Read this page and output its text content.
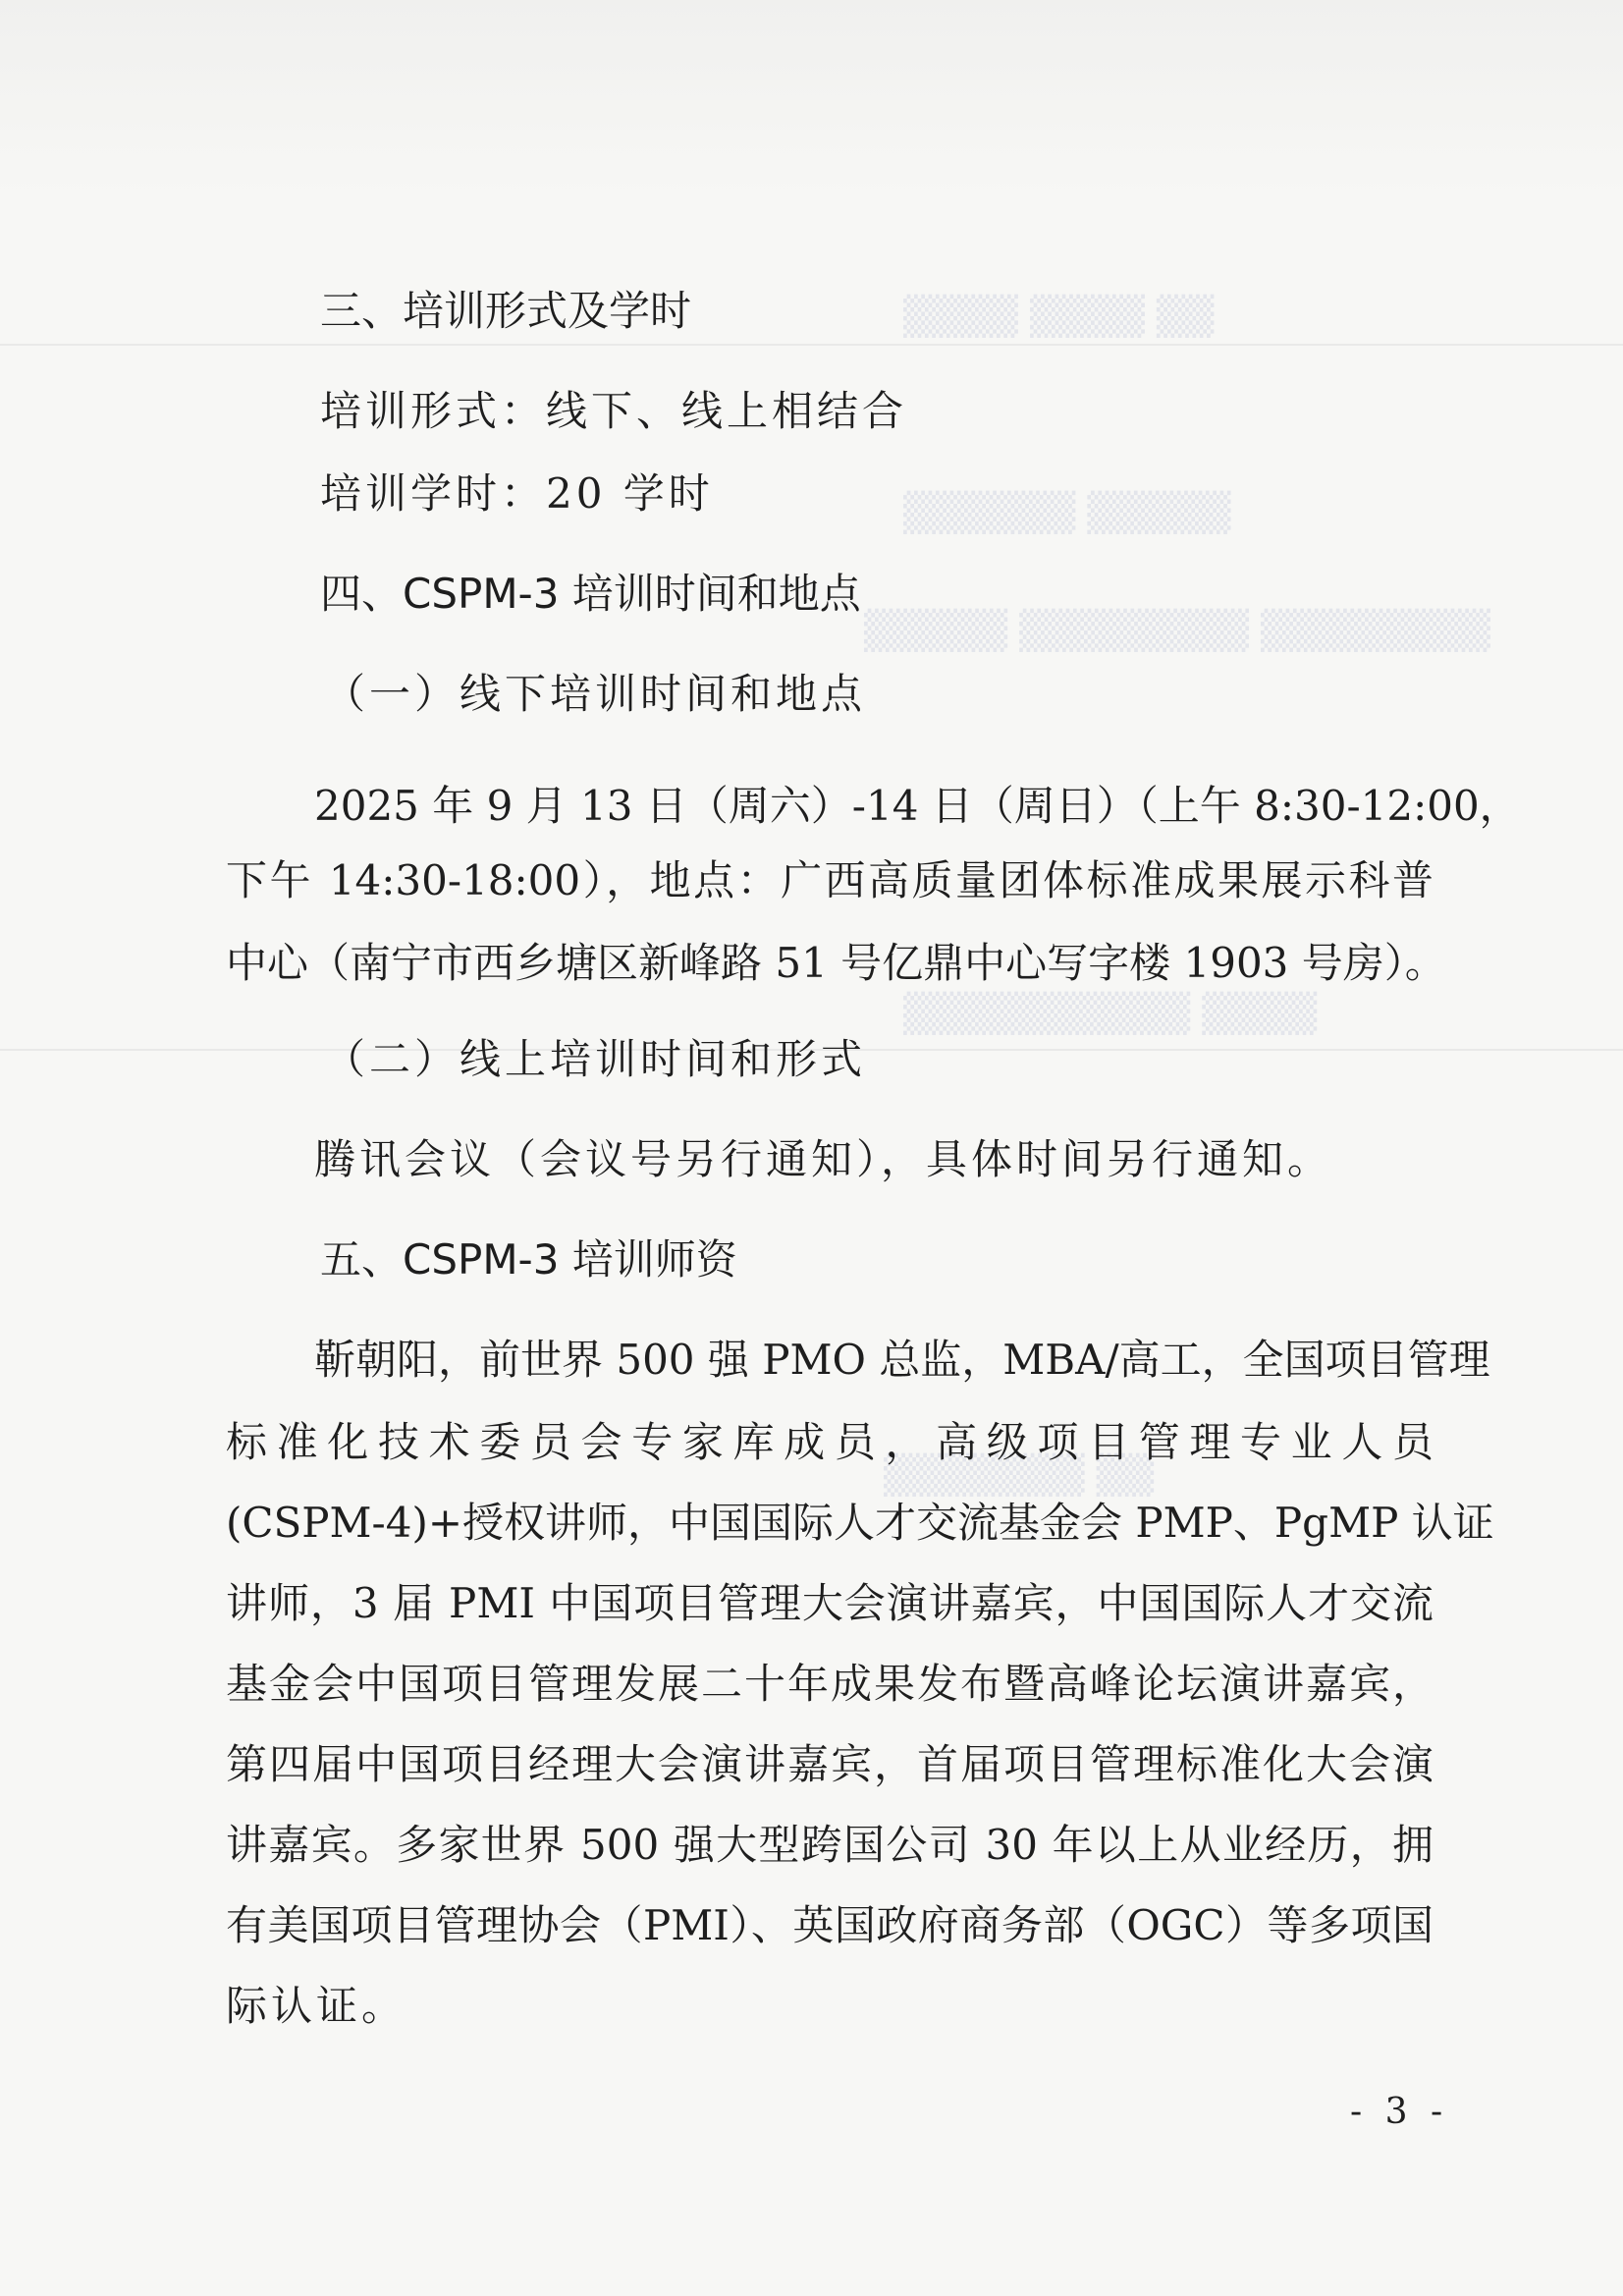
▒▒ ▒▒▒▒ ▒▒▒▒
▒▒▒▒▒ ▒▒▒▒▒▒
▒▒▒▒▒▒▒▒ ▒▒▒▒▒▒▒▒ ▒▒▒▒▒
▒▒▒▒ ▒▒▒▒▒▒▒▒▒▒
▒▒ ▒▒▒▒▒▒▒
三、培训形式及学时
培训形式：线下、线上相结合
培训学时：20 学时
四、CSPM-3 培训时间和地点
（一）线下培训时间和地点
2025 年 9 月 13 日（周六）-14 日（周日）（上午 8:30-12:00，
下午 14:30-18:00），地点：广西高质量团体标准成果展示科普
中心（南宁市西乡塘区新峰路 51 号亿鼎中心写字楼 1903 号房）。
（二）线上培训时间和形式
腾讯会议（会议号另行通知），具体时间另行通知。
五、CSPM-3 培训师资
靳朝阳，前世界 500 强 PMO 总监，MBA/高工，全国项目管理
标准化技术委员会专家库成员，高级项目管理专业人员
(CSPM-4)+授权讲师，中国国际人才交流基金会 PMP、PgMP 认证
讲师，3 届 PMI 中国项目管理大会演讲嘉宾，中国国际人才交流
基金会中国项目管理发展二十年成果发布暨高峰论坛演讲嘉宾，
第四届中国项目经理大会演讲嘉宾，首届项目管理标准化大会演
讲嘉宾。多家世界 500 强大型跨国公司 30 年以上从业经历，拥
有美国项目管理协会（PMI）、英国政府商务部（OGC）等多项国
际认证。
- 3 -
